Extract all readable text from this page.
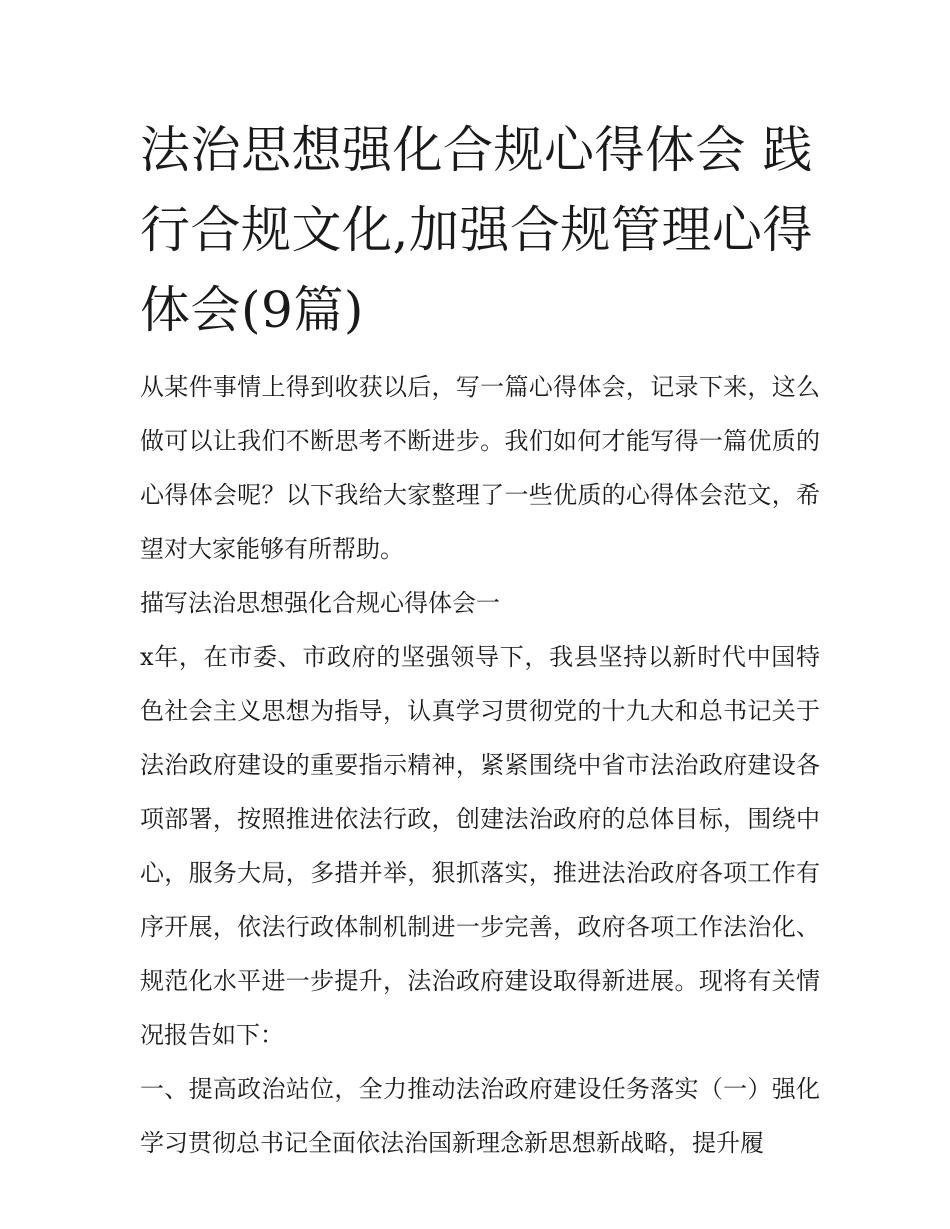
法治思想强化合规心得体会 践行合规文化,加强合规管理心得体会(9篇)

从某件事情上得到收获以后，写一篇心得体会，记录下来，这么做可以让我们不断思考不断进步。我们如何才能写得一篇优质的心得体会呢？以下我给大家整理了一些优质的心得体会范文，希望对大家能够有所帮助。

描写法治思想强化合规心得体会一

x年，在市委、市政府的坚强领导下，我县坚持以新时代中国特色社会主义思想为指导，认真学习贯彻党的十九大和总书记关于法治政府建设的重要指示精神，紧紧围绕中省市法治政府建设各项部署，按照推进依法行政，创建法治政府的总体目标，围绕中心，服务大局，多措并举，狠抓落实，推进法治政府各项工作有序开展，依法行政体制机制进一步完善，政府各项工作法治化、规范化水平进一步提升，法治政府建设取得新进展。现将有关情况报告如下：

一、提高政治站位，全力推动法治政府建设任务落实（一）强化学习贯彻总书记全面依法治国新理念新思想新战略，提升履
